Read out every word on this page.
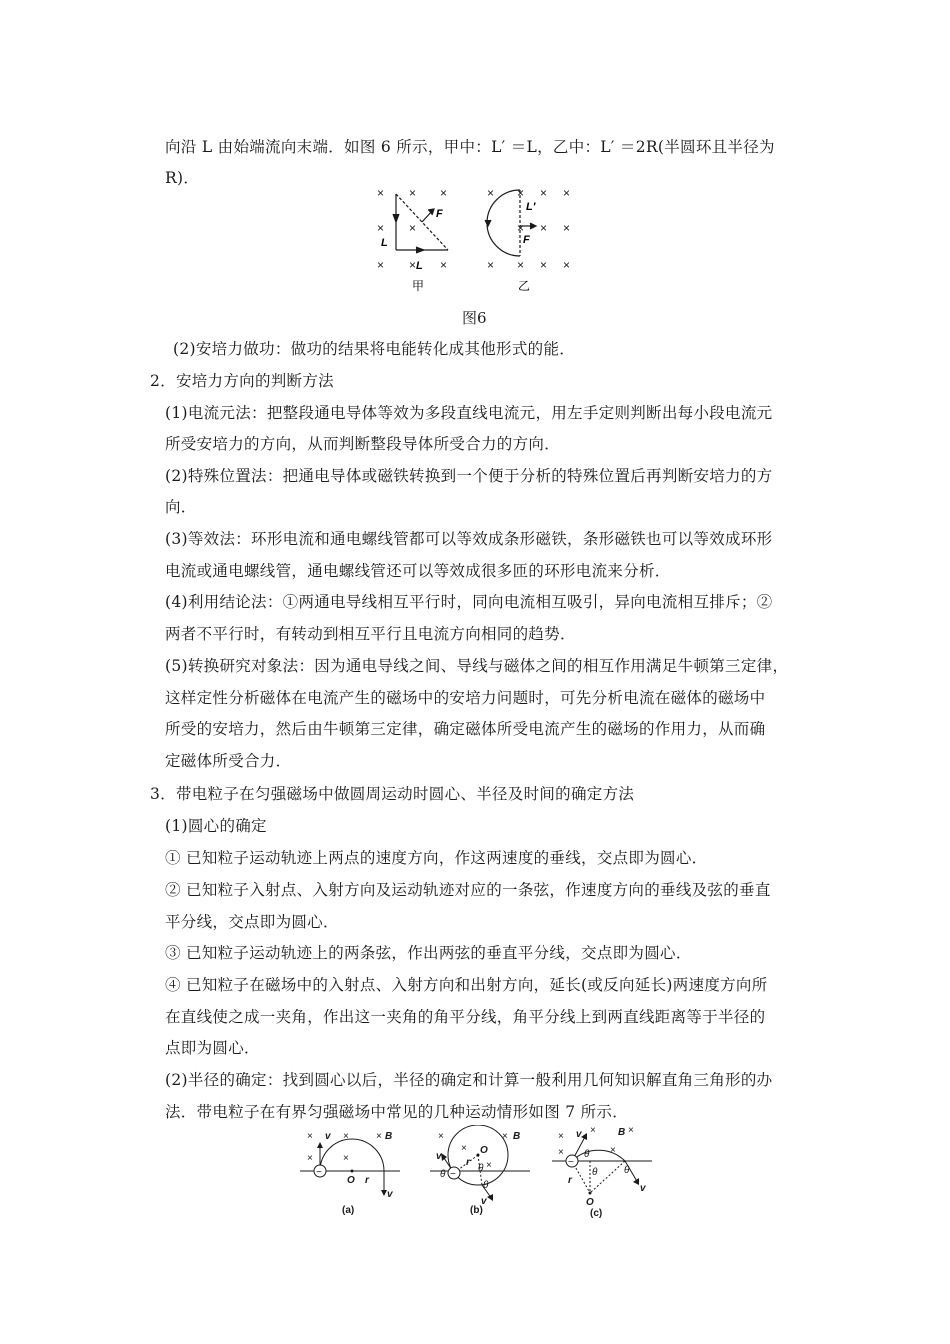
向沿 L 由始端流向末端．如图 6 所示，甲中：L′ ＝L，乙中：L′ ＝2R(半圆环且半径为
R)．
× × ×
× ×
× × ×
× × × ×
× × ×
× × × ×
F
L
L
甲
L′
F
乙
图6
(2)安培力做功：做功的结果将电能转化成其他形式的能．
2．安培力方向的判断方法
(1)电流元法：把整段通电导体等效为多段直线电流元，用左手定则判断出每小段电流元
所受安培力的方向，从而判断整段导体所受合力的方向．
(2)特殊位置法：把通电导体或磁铁转换到一个便于分析的特殊位置后再判断安培力的方
向．
(3)等效法：环形电流和通电螺线管都可以等效成条形磁铁，条形磁铁也可以等效成环形
电流或通电螺线管，通电螺线管还可以等效成很多匝的环形电流来分析．
(4)利用结论法：①两通电导线相互平行时，同向电流相互吸引，异向电流相互排斥；②
两者不平行时，有转动到相互平行且电流方向相同的趋势．
(5)转换研究对象法：因为通电导线之间、导线与磁体之间的相互作用满足牛顿第三定律，
这样定性分析磁体在电流产生的磁场中的安培力问题时，可先分析电流在磁体的磁场中
所受的安培力，然后由牛顿第三定律，确定磁体所受电流产生的磁场的作用力，从而确
定磁体所受合力．
3．带电粒子在匀强磁场中做圆周运动时圆心、半径及时间的确定方法
(1)圆心的确定
① 已知粒子运动轨迹上两点的速度方向，作这两速度的垂线，交点即为圆心．
② 已知粒子入射点、入射方向及运动轨迹对应的一条弦，作速度方向的垂线及弦的垂直
平分线，交点即为圆心．
③ 已知粒子运动轨迹上的两条弦，作出两弦的垂直平分线，交点即为圆心．
④ 已知粒子在磁场中的入射点、入射方向和出射方向，延长(或反向延长)两速度方向所
在直线使之成一夹角，作出这一夹角的角平分线，角平分线上到两直线距离等于半径的
点即为圆心．
(2)半径的确定：找到圆心以后，半径的确定和计算一般利用几何知识解直角三角形的办
法．带电粒子在有界匀强磁场中常见的几种运动情形如图 7 所示．
−
×	×	×
×	×
v	B
O r
v
(a)
−
×	×
×
×
B
O
r
v
θ
θ
θ
v
(b)
−
×
×	×
×	×
B
v
θ
θ
θ
r
O
v
(c)
